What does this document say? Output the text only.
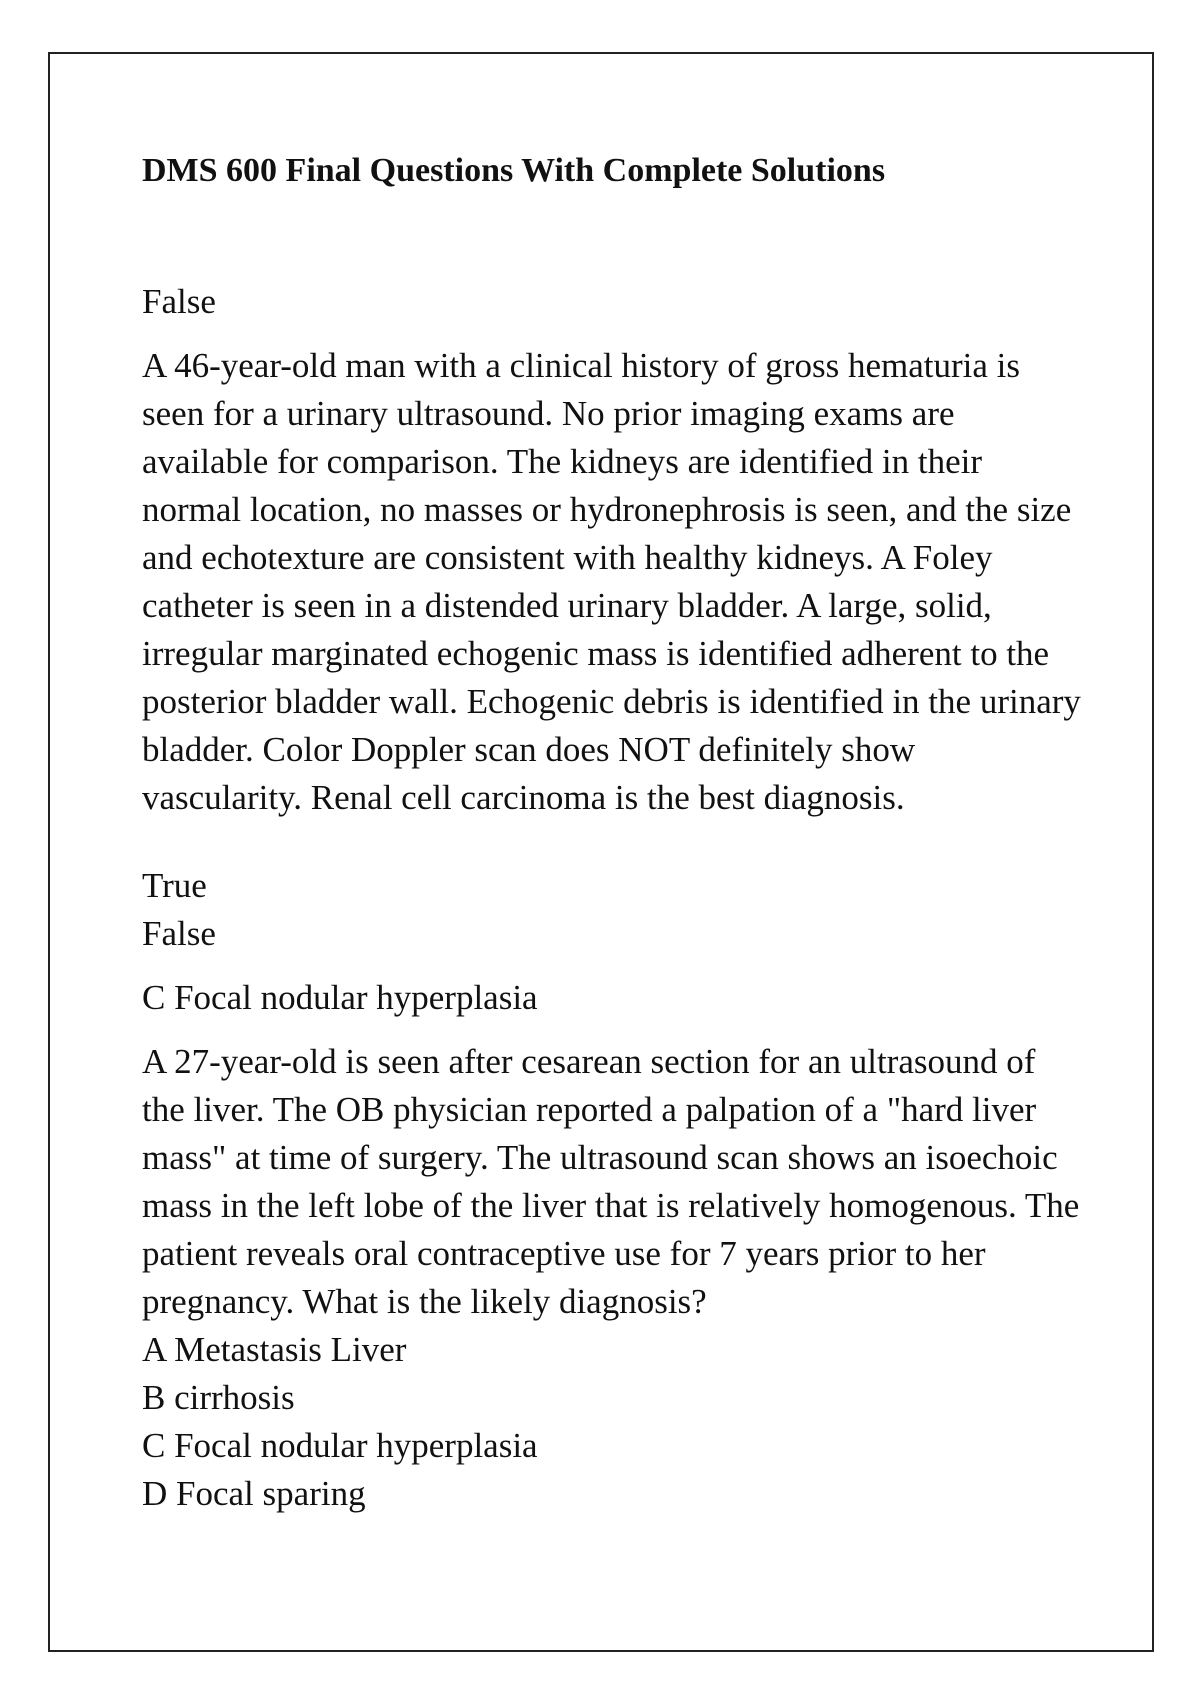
DMS 600 Final Questions With Complete Solutions
False
A 46-year-old man with a clinical history of gross hematuria is seen for a urinary ultrasound. No prior imaging exams are available for comparison. The kidneys are identified in their normal location, no masses or hydronephrosis is seen, and the size and echotexture are consistent with healthy kidneys. A Foley catheter is seen in a distended urinary bladder. A large, solid, irregular marginated echogenic mass is identified adherent to the posterior bladder wall. Echogenic debris is identified in the urinary bladder. Color Doppler scan does NOT definitely show vascularity. Renal cell carcinoma is the best diagnosis.
True
False
C Focal nodular hyperplasia
A 27-year-old is seen after cesarean section for an ultrasound of the liver. The OB physician reported a palpation of a "hard liver mass" at time of surgery. The ultrasound scan shows an isoechoic mass in the left lobe of the liver that is relatively homogenous. The patient reveals oral contraceptive use for 7 years prior to her pregnancy. What is the likely diagnosis?
A Metastasis Liver
B cirrhosis
C Focal nodular hyperplasia
D Focal sparing
